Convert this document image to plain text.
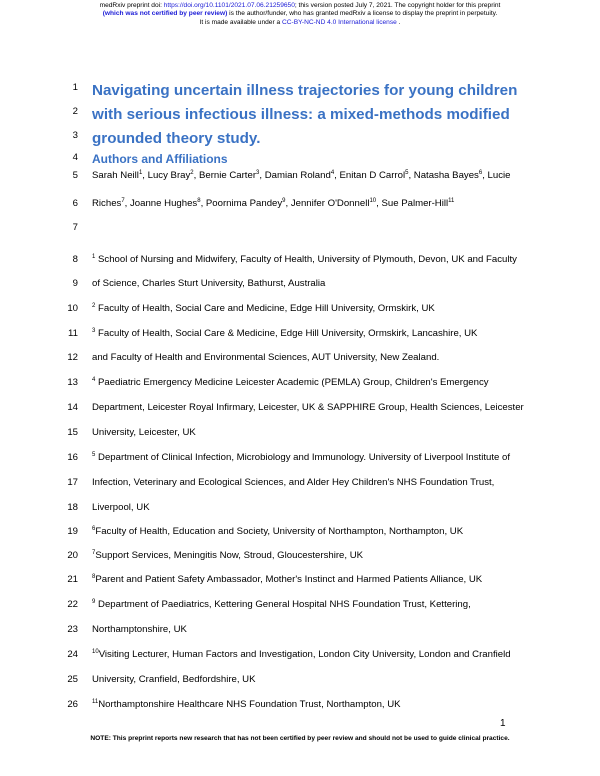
medRxiv preprint doi: https://doi.org/10.1101/2021.07.06.21259650; this version posted July 7, 2021. The copyright holder for this preprint
(which was not certified by peer review) is the author/funder, who has granted medRxiv a license to display the preprint in perpetuity.
It is made available under a CC-BY-NC-ND 4.0 International license .
1 Navigating uncertain illness trajectories for young children
2 with serious infectious illness: a mixed-methods modified
3 grounded theory study.
4 Authors and Affiliations
5 Sarah Neill$^1$, Lucy Bray$^2$, Bernie Carter$^3$, Damian Roland$^4$, Enitan D Carrol$^5$, Natasha Bayes$^6$, Lucie
6 Riches$^7$, Joanne Hughes$^8$, Poornima Pandey$^9$, Jennifer O'Donnell$^{10}$, Sue Palmer-Hill$^{11}$
7
8 $^1$ School of Nursing and Midwifery, Faculty of Health, University of Plymouth, Devon, UK and Faculty
9 of Science, Charles Sturt University, Bathurst, Australia
10 $^2$ Faculty of Health, Social Care and Medicine, Edge Hill University, Ormskirk, UK
11 $^3$ Faculty of Health, Social Care & Medicine, Edge Hill University, Ormskirk, Lancashire, UK
12 and Faculty of Health and Environmental Sciences, AUT University, New Zealand.
13 $^4$ Paediatric Emergency Medicine Leicester Academic (PEMLA) Group, Children's Emergency
14 Department, Leicester Royal Infirmary, Leicester, UK & SAPPHIRE Group, Health Sciences, Leicester
15 University, Leicester, UK
16 $^5$ Department of Clinical Infection, Microbiology and Immunology. University of Liverpool Institute of
17 Infection, Veterinary and Ecological Sciences, and Alder Hey Children's NHS Foundation Trust,
18 Liverpool, UK
19 $^6$Faculty of Health, Education and Society, University of Northampton, Northampton, UK
20 $^7$Support Services, Meningitis Now, Stroud, Gloucestershire, UK
21 $^8$Parent and Patient Safety Ambassador, Mother's Instinct and Harmed Patients Alliance, UK
22 $^9$ Department of Paediatrics, Kettering General Hospital NHS Foundation Trust, Kettering,
23 Northamptonshire, UK
24 $^{10}$Visiting Lecturer, Human Factors and Investigation, London City University, London and Cranfield
25 University, Cranfield, Bedfordshire, UK
26 $^{11}$Northamptonshire Healthcare NHS Foundation Trust, Northampton, UK
1
NOTE: This preprint reports new research that has not been certified by peer review and should not be used to guide clinical practice.
